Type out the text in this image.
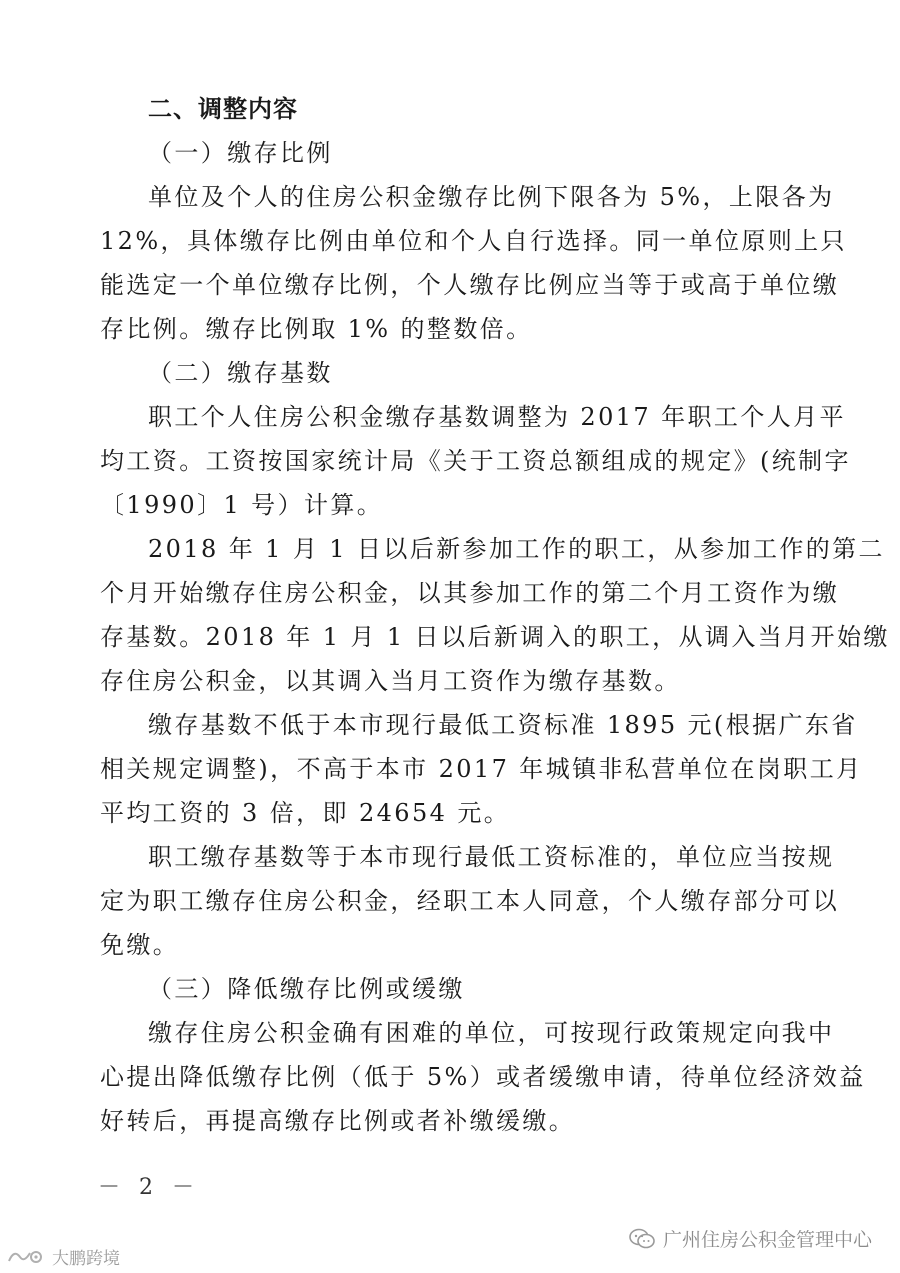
二、调整内容
（一）缴存比例
单位及个人的住房公积金缴存比例下限各为 5%，上限各为
12%，具体缴存比例由单位和个人自行选择。同一单位原则上只
能选定一个单位缴存比例，个人缴存比例应当等于或高于单位缴
存比例。缴存比例取 1% 的整数倍。
（二）缴存基数
职工个人住房公积金缴存基数调整为 2017 年职工个人月平
均工资。工资按国家统计局《关于工资总额组成的规定》(统制字
〔1990〕1 号）计算。
2018 年 1 月 1 日以后新参加工作的职工，从参加工作的第二
个月开始缴存住房公积金，以其参加工作的第二个月工资作为缴
存基数。2018 年 1 月 1 日以后新调入的职工，从调入当月开始缴
存住房公积金，以其调入当月工资作为缴存基数。
缴存基数不低于本市现行最低工资标准 1895 元(根据广东省
相关规定调整)，不高于本市 2017 年城镇非私营单位在岗职工月
平均工资的 3 倍，即 24654 元。
职工缴存基数等于本市现行最低工资标准的，单位应当按规
定为职工缴存住房公积金，经职工本人同意，个人缴存部分可以
免缴。
（三）降低缴存比例或缓缴
缴存住房公积金确有困难的单位，可按现行政策规定向我中
心提出降低缴存比例（低于 5%）或者缓缴申请，待单位经济效益
好转后，再提高缴存比例或者补缴缓缴。
－ 2 －
广州住房公积金管理中心
大鹏跨境
